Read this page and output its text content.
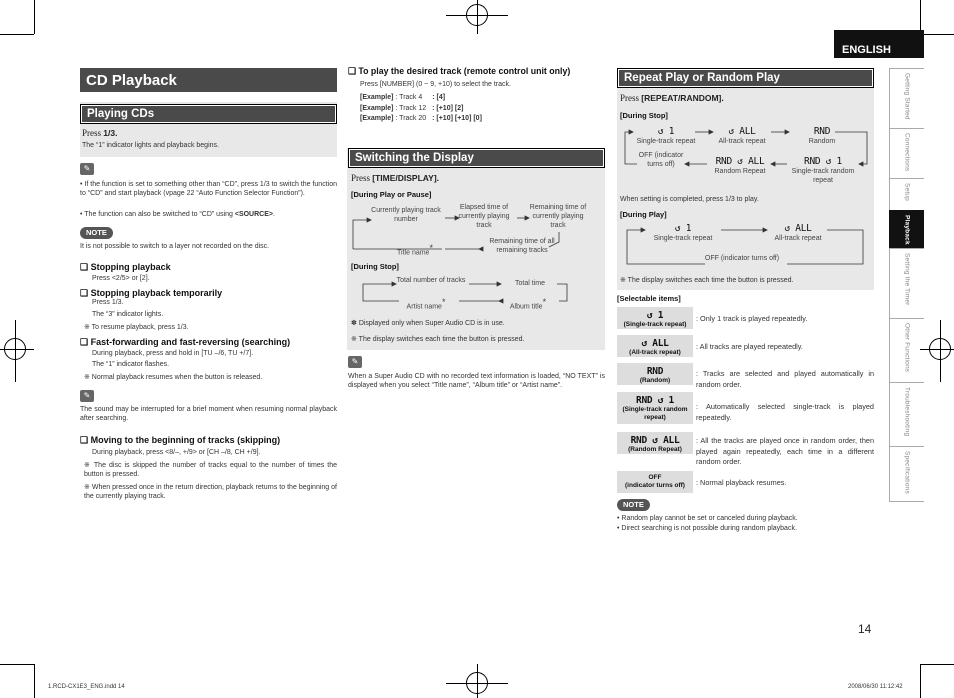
ENGLISH
Getting Started
Connections
Setup
Playback
Setting the Timer
Other Functions
Troubleshooting
Specifications
CD Playback
Playing CDs
Press 1/3.
The “1” indicator lights and playback begins.
✎
• If the function is set to something other than “CD”, press 1/3 to switch the function to “CD” and start playback (vpage 22 “Auto Function Selector Function”).
• The function can also be switched to “CD” using <SOURCE>.
NOTE
It is not possible to switch to a layer not recorded on the disc.
❑ Stopping playback
Press <2/5> or [2].
❑ Stopping playback temporarily
Press 1/3.
The “3” indicator lights.
※ To resume playback, press 1/3.
❑ Fast-forwarding and fast-reversing (searching)
During playback, press and hold in [TU –/6, TU +/7].
The “1” indicator flashes.
※ Normal playback resumes when the button is released.
✎
The sound may be interrupted for a brief moment when resuming normal playback after searching.
❑ Moving to the beginning of tracks (skipping)
During playback, press <8/–, +/9> or [CH –/8, CH +/9].
※ The disc is skipped the number of tracks equal to the number of times the button is pressed.
※ When pressed once in the return direction, playback returns to the beginning of the currently playing track.
❑ To play the desired track (remote control unit only)
Press [NUMBER] (0 ~ 9, +10) to select the track.
[Example] : Track 4 : [4]
[Example] : Track 12 : [+10] [2]
[Example] : Track 20 : [+10] [+10] [0]
Switching the Display
Press [TIME/DISPLAY].
[During Play or Pause]
Currently playing track number
Elapsed time of currently playing track
Remaining time of currently playing track
Title name*
Remaining time of all remaining tracks
[During Stop]
Total number of tracks	Total time
Artist name*	Album title*
✽ Displayed only when Super Audio CD is in use.
※ The display switches each time the button is pressed.
✎
When a Super Audio CD with no recorded text information is loaded, “NO TEXT” is displayed when you select “Title name”, “Album title” or “Artist name”.
Repeat Play or Random Play
Press [REPEAT/RANDOM].
[During Stop]
↺ 1
Single-track repeat
↺ ALL
All-track repeat
RND
Random
OFF (indicator turns off)	RND ↺ ALL
Random Repeat
RND ↺ 1
Single-track random repeat
When setting is completed, press 1/3 to play.
[During Play]
↺ 1
Single-track repeat
↺ ALL
All-track repeat
OFF (indicator turns off)
※ The display switches each time the button is pressed.
[Selectable items]
↺ 1
(Single-track repeat)
: Only 1 track is played repeatedly.
↺ ALL
(All-track repeat)
: All tracks are played repeatedly.
RND
(Random)
: Tracks are selected and played automatically in random order.
RND ↺ 1
(Single-track random repeat)
: Automatically selected single-track is played repeatedly.
RND ↺ ALL
(Random Repeat)
: All the tracks are played once in random order, then played again repeatedly, each time in a different random order.
OFF
(indicator turns off)	: Normal playback resumes.
NOTE
• Random play cannot be set or canceled during playback.
• Direct searching is not possible during random playback.
14
1.RCD-CX1E3_ENG.indd 14	2008/06/30 11:12:42
